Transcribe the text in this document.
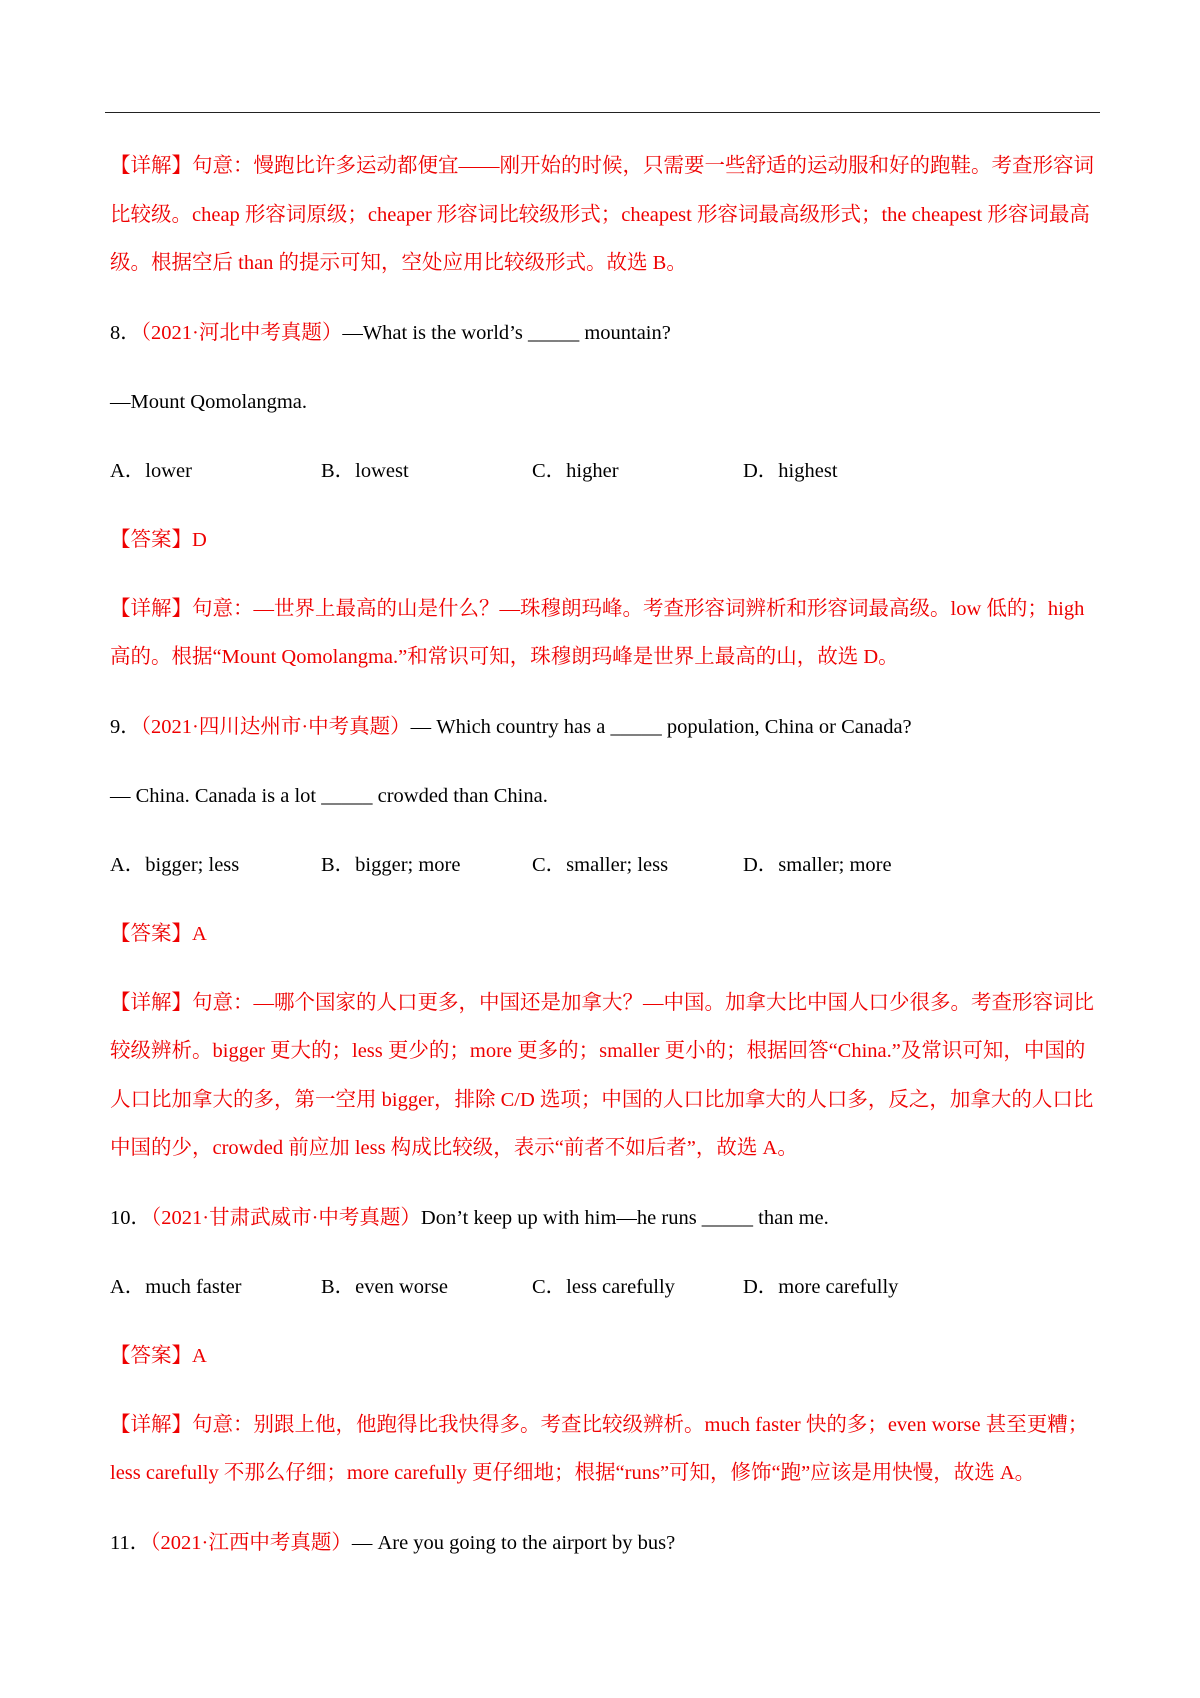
【详解】句意：慢跑比许多运动都便宜——刚开始的时候，只需要一些舒适的运动服和好的跑鞋。考查形容词比较级。cheap 形容词原级；cheaper 形容词比较级形式；cheapest 形容词最高级形式；the cheapest 形容词最高级。根据空后 than 的提示可知，空处应用比较级形式。故选 B。

8．（2021·河北中考真题）—What is the world’s _____ mountain?
—Mount Qomolangma.
A．lower	B．lowest	C．higher	D．highest
【答案】D

【详解】句意：—世界上最高的山是什么？—珠穆朗玛峰。考查形容词辨析和形容词最高级。low 低的；high 高的。根据“Mount Qomolangma.”和常识可知，珠穆朗玛峰是世界上最高的山，故选 D。

9．（2021·四川达州市·中考真题）— Which country has a _____ population, China or Canada?
— China. Canada is a lot _____ crowded than China.
A．bigger; less	B．bigger; more	C．smaller; less	D．smaller; more
【答案】A

【详解】句意：—哪个国家的人口更多，中国还是加拿大？—中国。加拿大比中国人口少很多。考查形容词比较级辨析。bigger 更大的；less 更少的；more 更多的；smaller 更小的；根据回答“China.”及常识可知，中国的人口比加拿大的多，第一空用 bigger，排除 C/D 选项；中国的人口比加拿大的人口多，反之，加拿大的人口比中国的少，crowded 前应加 less 构成比较级，表示“前者不如后者”，故选 A。

10．（2021·甘肃武威市·中考真题）Don’t keep up with him—he runs _____ than me.
A．much faster	B．even worse	C．less carefully	D．more carefully
【答案】A

【详解】句意：别跟上他，他跑得比我快得多。考查比较级辨析。much faster 快的多；even worse 甚至更糟；less carefully 不那么仔细；more carefully 更仔细地；根据“runs”可知，修饰“跑”应该是用快慢，故选 A。

11．（2021·江西中考真题）— Are you going to the airport by bus?
